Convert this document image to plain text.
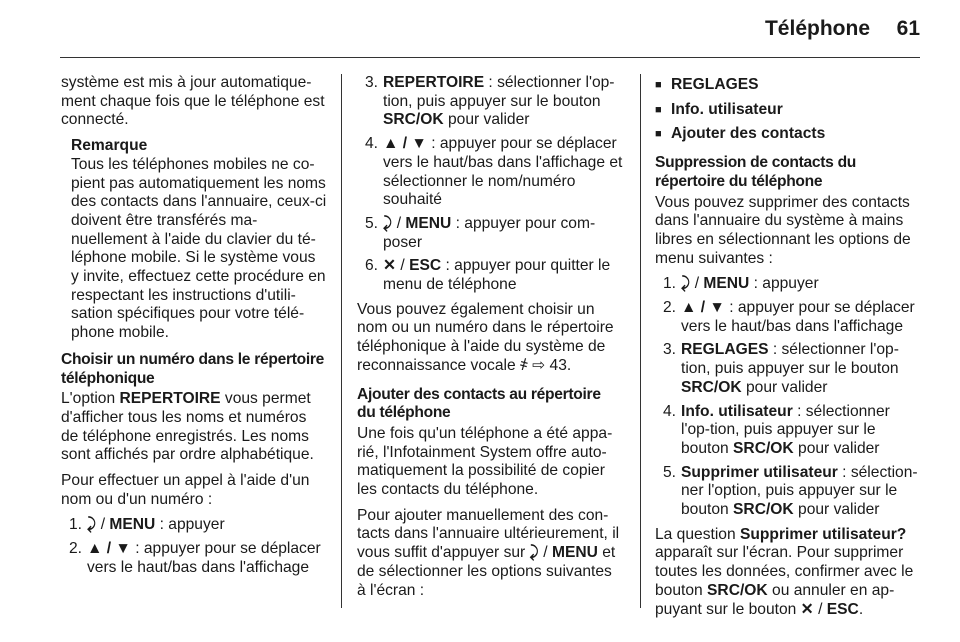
Téléphone 61

système est mis à jour automatique-ment chaque fois que le téléphone est connecté.

Remarque
Tous les téléphones mobiles ne co-pient pas automatiquement les noms des contacts dans l'annuaire, ceux-ci doivent être transférés ma-nuellement à l'aide du clavier du té-léphone mobile. Si le système vous y invite, effectuez cette procédure en respectant les instructions d'utili-sation spécifiques pour votre télé-phone mobile.
Choisir un numéro dans le répertoire téléphonique

L'option REPERTOIRE vous permet d'afficher tous les noms et numéros de téléphone enregistrés. Les noms sont affichés par ordre alphabétique.

Pour effectuer un appel à l'aide d'un nom ou d'un numéro :

1. ⤸ / MENU : appuyer
2. ▲ / ▼ : appuyer pour se déplacer vers le haut/bas dans l'affichage
3. REPERTOIRE : sélectionner l'op-tion, puis appuyer sur le bouton SRC/OK pour valider
4. ▲ / ▼ : appuyer pour se déplacer vers le haut/bas dans l'affichage et sélectionner le nom/numéro souhaité
5. ⤸ / MENU : appuyer pour com-poser
6. ✕ / ESC : appuyer pour quitter le menu de téléphone

Vous pouvez également choisir un nom ou un numéro dans le répertoire téléphonique à l'aide du système de reconnaissance vocale ҂ ⇨ 43.

Ajouter des contacts au répertoire du téléphone

Une fois qu'un téléphone a été appa-rié, l'Infotainment System offre auto-matiquement la possibilité de copier les contacts du téléphone.

Pour ajouter manuellement des con-tacts dans l'annuaire ultérieurement, il vous suffit d'appuyer sur ⤸ / MENU et de sélectionner les options suivantes à l'écran :

■ REGLAGES
■ Info. utilisateur
■ Ajouter des contacts
Suppression de contacts du répertoire du téléphone

Vous pouvez supprimer des contacts dans l'annuaire du système à mains libres en sélectionnant les options de menu suivantes :

1. ⤸ / MENU : appuyer
2. ▲ / ▼ : appuyer pour se déplacer vers le haut/bas dans l'affichage
3. REGLAGES : sélectionner l'op-tion, puis appuyer sur le bouton SRC/OK pour valider
4. Info. utilisateur : sélectionner l'op-tion, puis appuyer sur le bouton SRC/OK pour valider
5. Supprimer utilisateur : sélection-ner l'option, puis appuyer sur le bouton SRC/OK pour valider

La question Supprimer utilisateur? apparaît sur l'écran. Pour supprimer toutes les données, confirmer avec le bouton SRC/OK ou annuler en ap-puyant sur le bouton ✕ / ESC.
